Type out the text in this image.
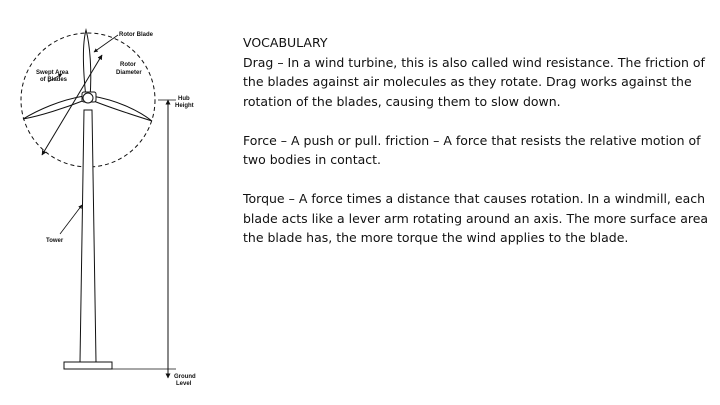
Rotor Blade
Swept Area
of Blades
Rotor
Diameter
Hub
Height
Tower
Ground
Level

VOCABULARY
Drag – In a wind turbine, this is also called wind resistance. The friction of the blades against air molecules as they rotate. Drag works against the rotation of the blades, causing them to slow down.

Force – A push or pull. friction – A force that resists the relative motion of two bodies in contact.

Torque – A force times a distance that causes rotation. In a windmill, each blade acts like a lever arm rotating around an axis. The more surface area the blade has, the more torque the wind applies to the blade.
